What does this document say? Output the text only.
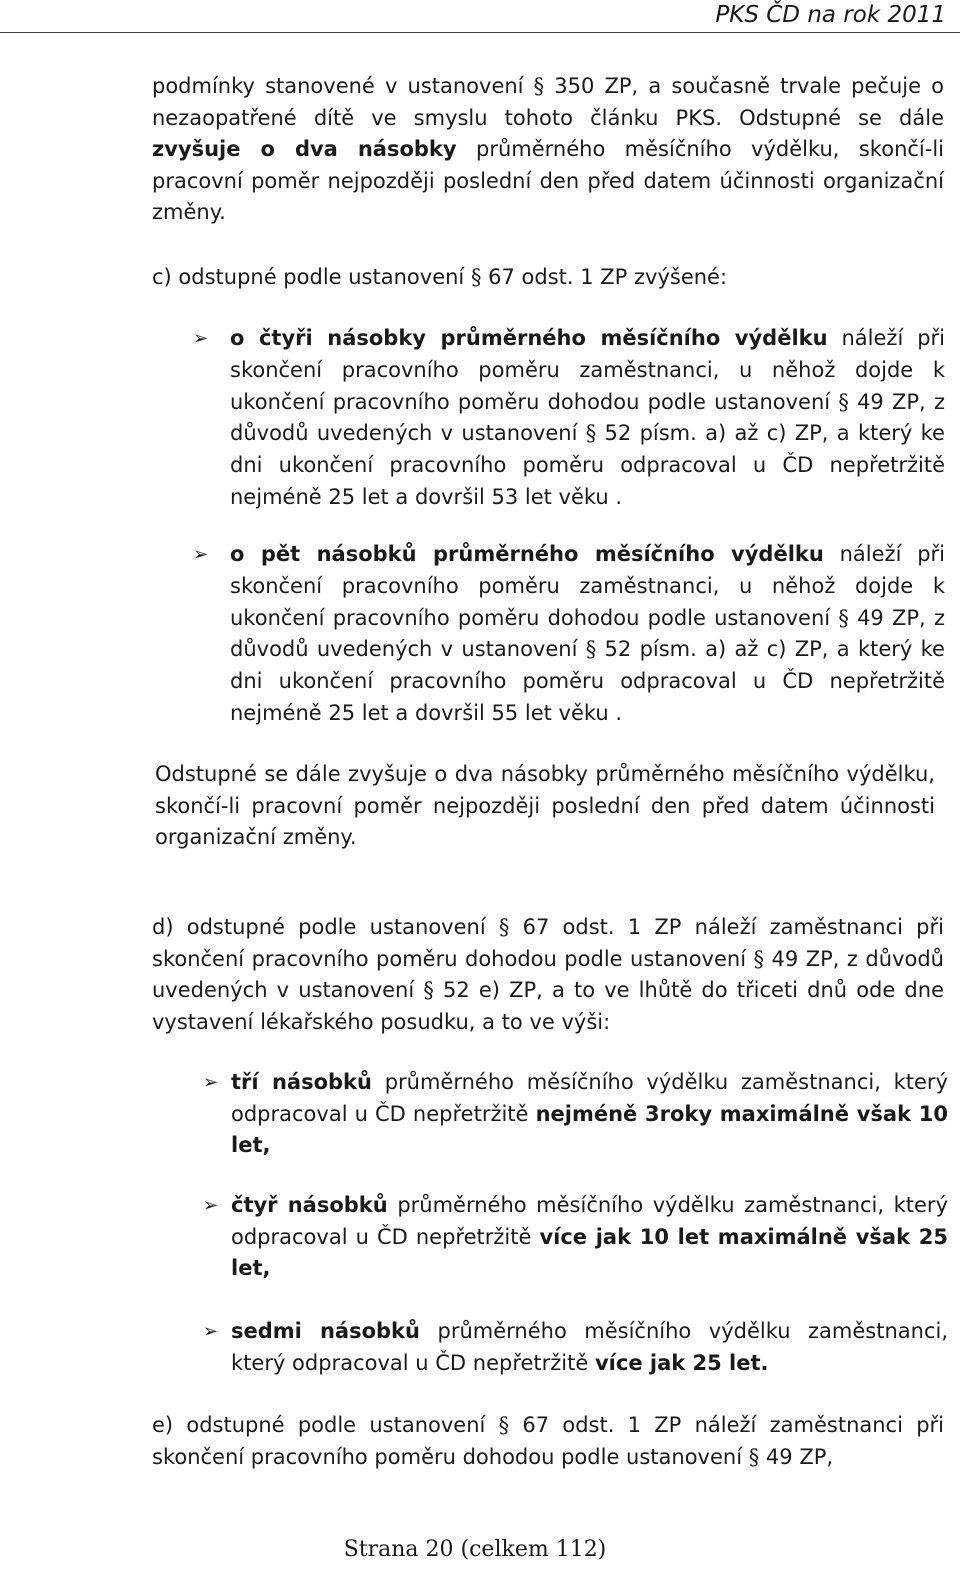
PKS ČD na rok 2011

podmínky stanovené v ustanovení § 350 ZP, a současně trvale pečuje o nezaopatřené dítě ve smyslu tohoto článku PKS. Odstupné se dále zvyšuje o dva násobky průměrného měsíčního výdělku, skončí-li pracovní poměr nejpozději poslední den před datem účinnosti organizační změny.

c) odstupné podle ustanovení § 67 odst. 1 ZP zvýšené:

➢ o čtyři násobky průměrného měsíčního výdělku náleží při skončení pracovního poměru zaměstnanci, u něhož dojde k ukončení pracovního poměru dohodou podle ustanovení § 49 ZP, z důvodů uvedených v ustanovení § 52 písm. a) až c) ZP, a který ke dni ukončení pracovního poměru odpracoval u ČD nepřetržitě nejméně 25 let a dovršil 53 let věku .
➢ o pět násobků průměrného měsíčního výdělku náleží při skončení pracovního poměru zaměstnanci, u něhož dojde k ukončení pracovního poměru dohodou podle ustanovení § 49 ZP, z důvodů uvedených v ustanovení § 52 písm. a) až c) ZP, a který ke dni ukončení pracovního poměru odpracoval u ČD nepřetržitě nejméně 25 let a dovršil 55 let věku .

Odstupné se dále zvyšuje o dva násobky průměrného měsíčního výdělku, skončí-li pracovní poměr nejpozději poslední den před datem účinnosti organizační změny.

d) odstupné podle ustanovení § 67 odst. 1 ZP náleží zaměstnanci při skončení pracovního poměru dohodou podle ustanovení § 49 ZP, z důvodů uvedených v ustanovení § 52 e) ZP, a to ve lhůtě do třiceti dnů ode dne vystavení lékařského posudku, a to ve výši:

➢ tří násobků průměrného měsíčního výdělku zaměstnanci, který odpracoval u ČD nepřetržitě nejméně 3roky maximálně však 10 let,
➢ čtyř násobků průměrného měsíčního výdělku zaměstnanci, který odpracoval u ČD nepřetržitě více jak 10 let maximálně však 25 let,
➢ sedmi násobků průměrného měsíčního výdělku zaměstnanci, který odpracoval u ČD nepřetržitě více jak 25 let.

e) odstupné podle ustanovení § 67 odst. 1 ZP náleží zaměstnanci při skončení pracovního poměru dohodou podle ustanovení § 49 ZP,

Strana 20 (celkem 112)
